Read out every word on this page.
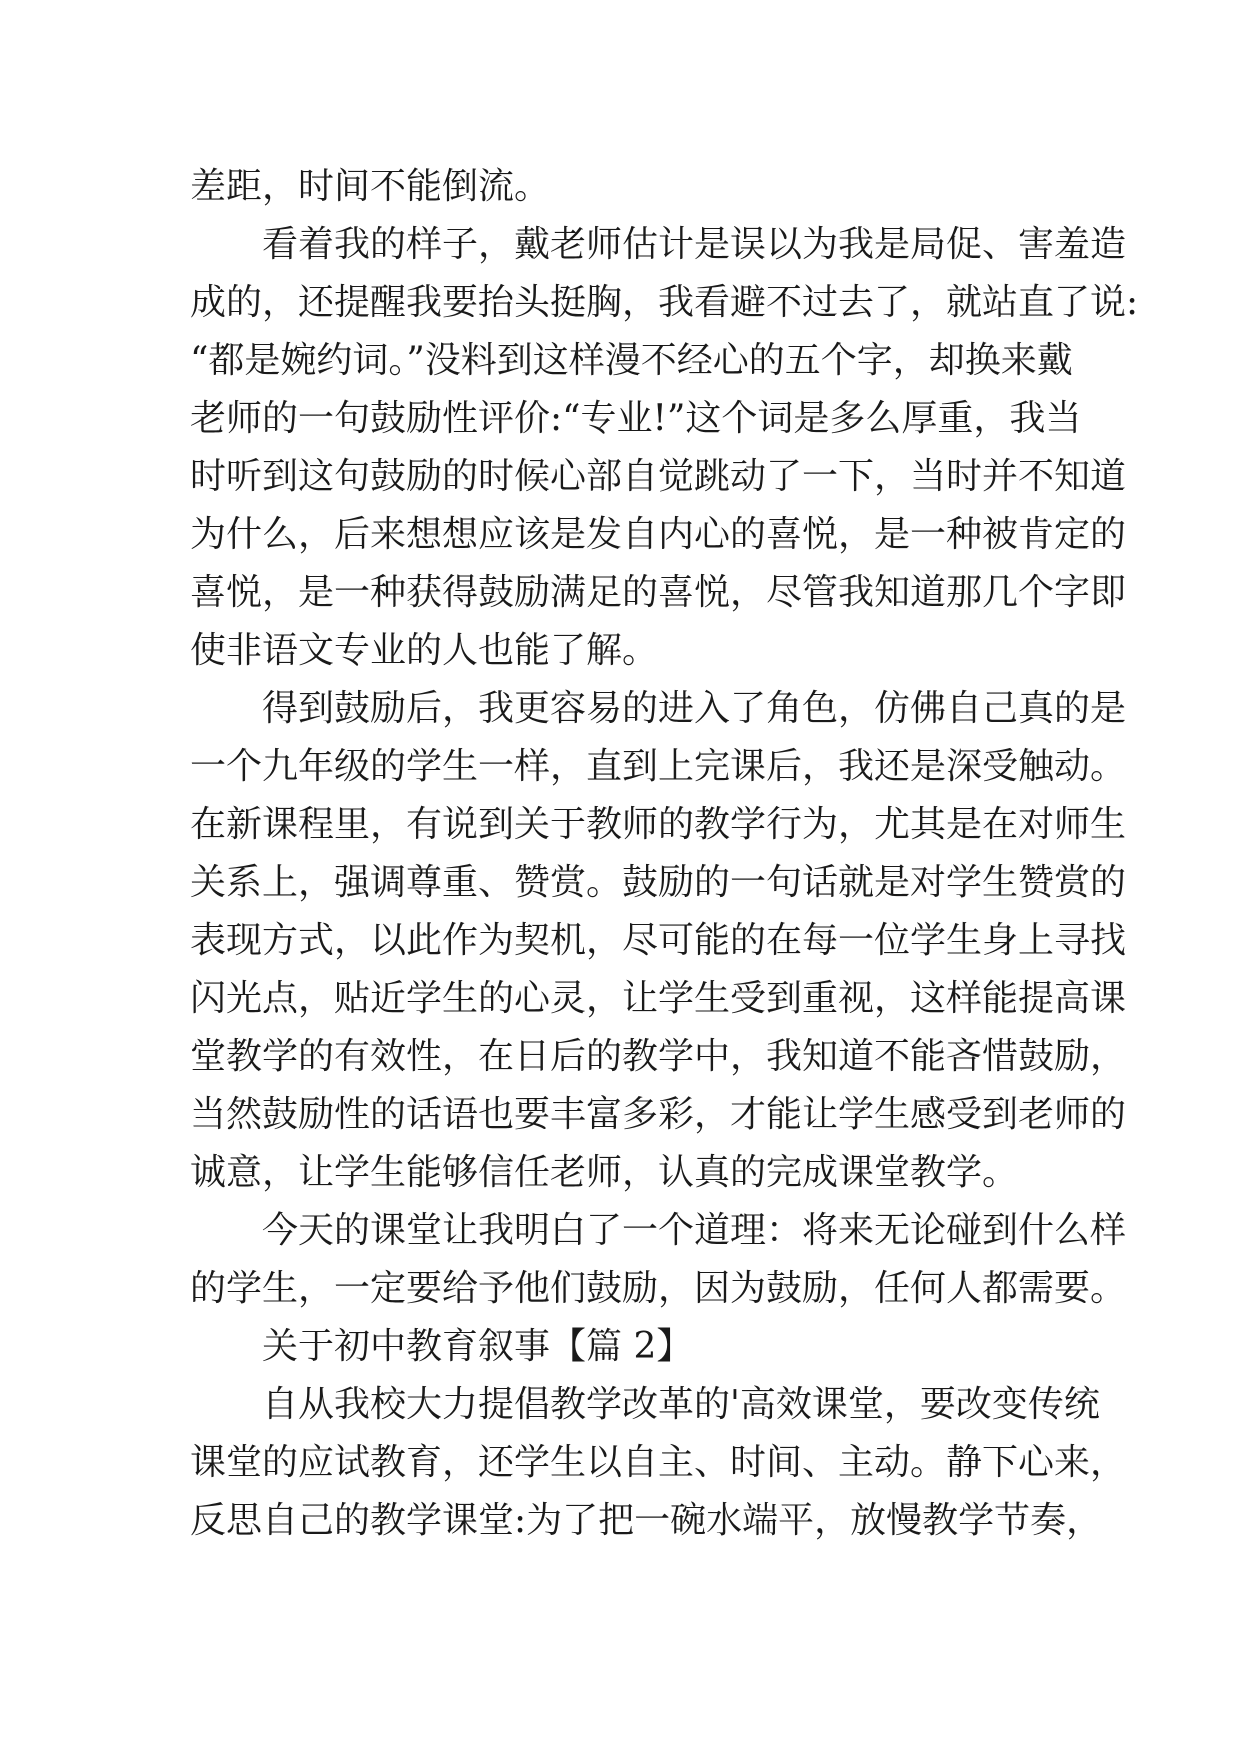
差距，时间不能倒流。
看着我的样子，戴老师估计是误以为我是局促、害羞造
成的，还提醒我要抬头挺胸，我看避不过去了，就站直了说:
“都是婉约词。”没料到这样漫不经心的五个字，却换来戴
老师的一句鼓励性评价:“专业!”这个词是多么厚重，我当
时听到这句鼓励的时候心部自觉跳动了一下，当时并不知道
为什么，后来想想应该是发自内心的喜悦，是一种被肯定的
喜悦，是一种获得鼓励满足的喜悦，尽管我知道那几个字即
使非语文专业的人也能了解。
得到鼓励后，我更容易的进入了角色，仿佛自己真的是
一个九年级的学生一样，直到上完课后，我还是深受触动。
在新课程里，有说到关于教师的教学行为，尤其是在对师生
关系上，强调尊重、赞赏。鼓励的一句话就是对学生赞赏的
表现方式，以此作为契机，尽可能的在每一位学生身上寻找
闪光点，贴近学生的心灵，让学生受到重视，这样能提高课
堂教学的有效性，在日后的教学中，我知道不能吝惜鼓励，
当然鼓励性的话语也要丰富多彩，才能让学生感受到老师的
诚意，让学生能够信任老师，认真的完成课堂教学。
今天的课堂让我明白了一个道理：将来无论碰到什么样
的学生，一定要给予他们鼓励，因为鼓励，任何人都需要。
关于初中教育叙事【篇 2】
自从我校大力提倡教学改革的'高效课堂，要改变传统
课堂的应试教育，还学生以自主、时间、主动。静下心来，
反思自己的教学课堂:为了把一碗水端平，放慢教学节奏，
